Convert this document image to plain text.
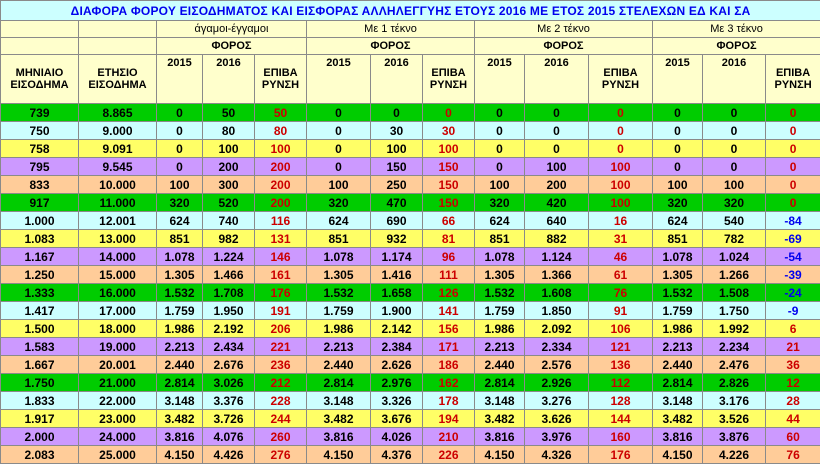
ΔΙΑΦΟΡΑ ΦΟΡΟΥ ΕΙΣΟΔΗΜΑΤΟΣ ΚΑΙ ΕΙΣΦΟΡΑΣ ΑΛΛΗΛΕΓΓΥΗΣ ΕΤΟΥΣ 2016 ΜΕ ΕΤΟΣ 2015 ΣΤΕΛΕΧΩΝ ΕΔ ΚΑΙ ΣΑ													
		άγαμοι-έγγαμοι			Με 1 τέκνο			Με 2 τέκνο			Με 3 τέκνο		
		ΦΟΡΟΣ			ΦΟΡΟΣ			ΦΟΡΟΣ			ΦΟΡΟΣ		
ΜΗΝΙΑΙΟ ΕΙΣΟΔΗΜΑ	ΕΤΗΣΙΟ ΕΙΣΟΔΗΜΑ	2015	2016	ΕΠΙΒΑ ΡΥΝΣΗ	2015	2016	ΕΠΙΒΑ ΡΥΝΣΗ	2015	2016	ΕΠΙΒΑ ΡΥΝΣΗ	2015	2016	ΕΠΙΒΑ ΡΥΝΣΗ
739	8.865	0	50	50	0	0	0	0	0	0	0	0	0
750	9.000	0	80	80	0	30	30	0	0	0	0	0	0
758	9.091	0	100	100	0	100	100	0	0	0	0	0	0
795	9.545	0	200	200	0	150	150	0	100	100	0	0	0
833	10.000	100	300	200	100	250	150	100	200	100	100	100	0
917	11.000	320	520	200	320	470	150	320	420	100	320	320	0
1.000	12.001	624	740	116	624	690	66	624	640	16	624	540	-84
1.083	13.000	851	982	131	851	932	81	851	882	31	851	782	-69
1.167	14.000	1.078	1.224	146	1.078	1.174	96	1.078	1.124	46	1.078	1.024	-54
1.250	15.000	1.305	1.466	161	1.305	1.416	111	1.305	1.366	61	1.305	1.266	-39
1.333	16.000	1.532	1.708	176	1.532	1.658	126	1.532	1.608	76	1.532	1.508	-24
1.417	17.000	1.759	1.950	191	1.759	1.900	141	1.759	1.850	91	1.759	1.750	-9
1.500	18.000	1.986	2.192	206	1.986	2.142	156	1.986	2.092	106	1.986	1.992	6
1.583	19.000	2.213	2.434	221	2.213	2.384	171	2.213	2.334	121	2.213	2.234	21
1.667	20.001	2.440	2.676	236	2.440	2.626	186	2.440	2.576	136	2.440	2.476	36
1.750	21.000	2.814	3.026	212	2.814	2.976	162	2.814	2.926	112	2.814	2.826	12
1.833	22.000	3.148	3.376	228	3.148	3.326	178	3.148	3.276	128	3.148	3.176	28
1.917	23.000	3.482	3.726	244	3.482	3.676	194	3.482	3.626	144	3.482	3.526	44
2.000	24.000	3.816	4.076	260	3.816	4.026	210	3.816	3.976	160	3.816	3.876	60
2.083	25.000	4.150	4.426	276	4.150	4.376	226	4.150	4.326	176	4.150	4.226	76
